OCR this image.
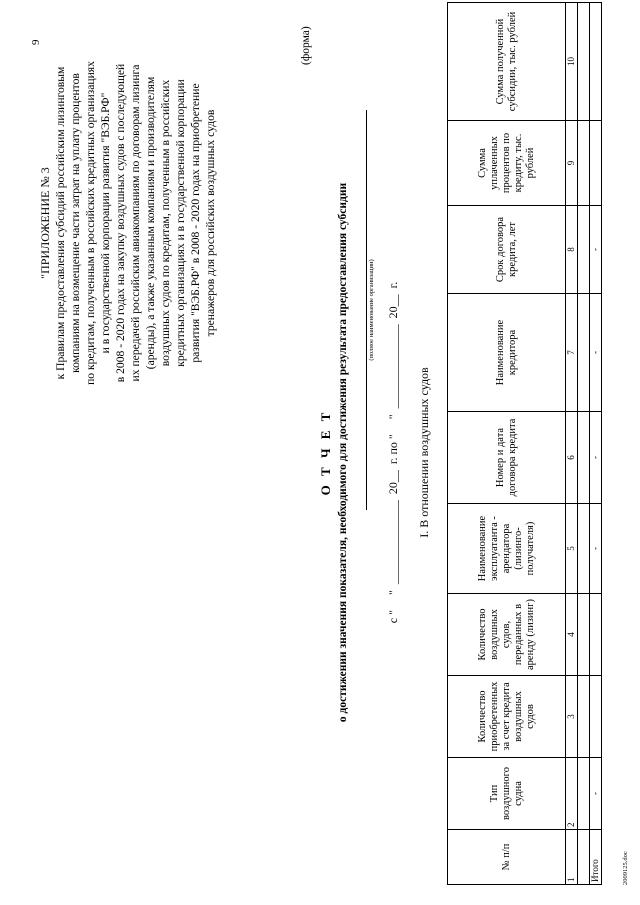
9
"ПРИЛОЖЕНИЕ № 3 к Правилам предоставления субсидий российским лизинговым компаниям на возмещение части затрат на уплату процентов по кредитам, полученным в российских кредитных организациях и в государственной корпорации развития "ВЭБ.РФ" в 2008 - 2020 годах на закупку воздушных судов с последующей их передачей российским авиакомпаниям по договорам лизинга (аренды), а также указанным компаниям и производителям воздушных судов по кредитам, полученным в российских кредитных организациях и в государственной корпорации развития "ВЭБ.РФ" в 2008 - 2020 годах на приобретение тренажеров для российских воздушных судов
(форма)
О Т Ч Е Т о достижении значения показателя, необходимого для достижения результата предоставления субсидии	(полное наименование организации) с "     "  ______________  20__  г. по "     "  ______________  20__  г. I. В отношении воздушных судов
№ п/п	Тип воздушного судна	Количество приобретенных за счет кредита воздушных судов	Количество воздушных судов, переданных в аренду (лизинг)	Наименование эксплуатанта - арендатора (лизинго-получателя)	Номер и дата договора кредита	Наименование кредитора	Срок договора кредита, лет	Сумма уплаченных процентов по кредиту, тыс. рублей	Сумма полученной субсидии, тыс. рублей
1	2	3	4	5	6	7	8	9	10

Итого	-			-	-	-	-		
2009125.doc
